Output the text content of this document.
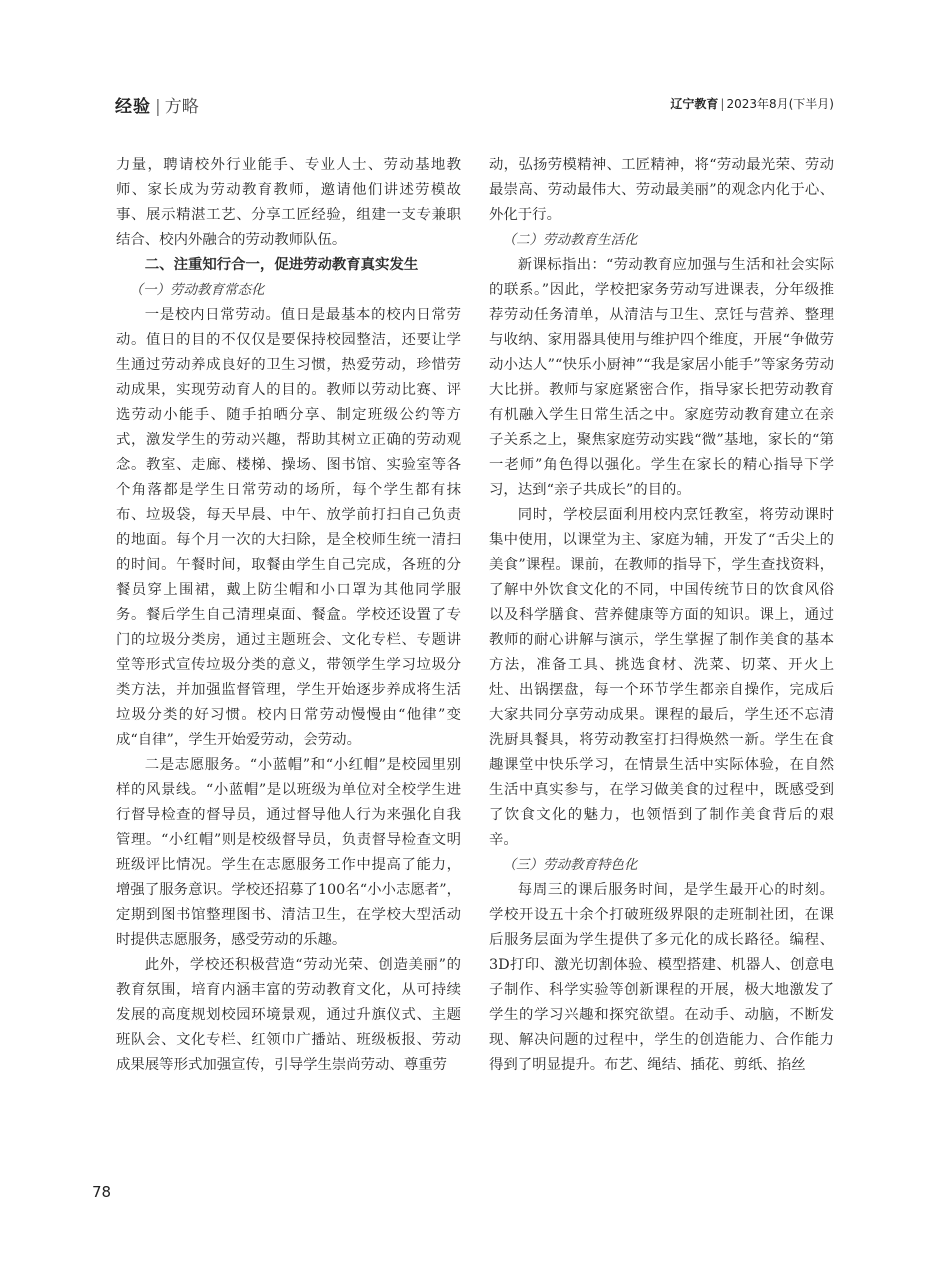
经验 | 方略	辽宁教育 | 2023年8月(下半月)

力量，聘请校外行业能手、专业人士、劳动基地教师、家长成为劳动教育教师，邀请他们讲述劳模故事、展示精湛工艺、分享工匠经验，组建一支专兼职结合、校内外融合的劳动教师队伍。

二、注重知行合一，促进劳动教育真实发生
（一）劳动教育常态化

一是校内日常劳动。值日是最基本的校内日常劳动。值日的目的不仅仅是要保持校园整洁，还要让学生通过劳动养成良好的卫生习惯，热爱劳动，珍惜劳动成果，实现劳动育人的目的。教师以劳动比赛、评选劳动小能手、随手拍晒分享、制定班级公约等方式，激发学生的劳动兴趣，帮助其树立正确的劳动观念。教室、走廊、楼梯、操场、图书馆、实验室等各个角落都是学生日常劳动的场所，每个学生都有抹布、垃圾袋，每天早晨、中午、放学前打扫自己负责的地面。每个月一次的大扫除，是全校师生统一清扫的时间。午餐时间，取餐由学生自己完成，各班的分餐员穿上围裙，戴上防尘帽和小口罩为其他同学服务。餐后学生自己清理桌面、餐盒。学校还设置了专门的垃圾分类房，通过主题班会、文化专栏、专题讲堂等形式宣传垃圾分类的意义，带领学生学习垃圾分类方法，并加强监督管理，学生开始逐步养成将生活垃圾分类的好习惯。校内日常劳动慢慢由“他律”变成“自律”，学生开始爱劳动，会劳动。

二是志愿服务。“小蓝帽”和“小红帽”是校园里别样的风景线。“小蓝帽”是以班级为单位对全校学生进行督导检查的督导员，通过督导他人行为来强化自我管理。“小红帽”则是校级督导员，负责督导检查文明班级评比情况。学生在志愿服务工作中提高了能力，增强了服务意识。学校还招募了100名“小小志愿者”，定期到图书馆整理图书、清洁卫生，在学校大型活动时提供志愿服务，感受劳动的乐趣。

此外，学校还积极营造“劳动光荣、创造美丽”的教育氛围，培育内涵丰富的劳动教育文化，从可持续发展的高度规划校园环境景观，通过升旗仪式、主题班队会、文化专栏、红领巾广播站、班级板报、劳动成果展等形式加强宣传，引导学生崇尚劳动、尊重劳

动，弘扬劳模精神、工匠精神，将“劳动最光荣、劳动最崇高、劳动最伟大、劳动最美丽”的观念内化于心、外化于行。

（二）劳动教育生活化

新课标指出：“劳动教育应加强与生活和社会实际的联系。”因此，学校把家务劳动写进课表，分年级推荐劳动任务清单，从清洁与卫生、烹饪与营养、整理与收纳、家用器具使用与维护四个维度，开展“争做劳动小达人”“快乐小厨神”“我是家居小能手”等家务劳动大比拼。教师与家庭紧密合作，指导家长把劳动教育有机融入学生日常生活之中。家庭劳动教育建立在亲子关系之上，聚焦家庭劳动实践“微”基地，家长的“第一老师”角色得以强化。学生在家长的精心指导下学习，达到“亲子共成长”的目的。

同时，学校层面利用校内烹饪教室，将劳动课时集中使用，以课堂为主、家庭为辅，开发了“舌尖上的美食”课程。课前，在教师的指导下，学生查找资料，了解中外饮食文化的不同，中国传统节日的饮食风俗以及科学膳食、营养健康等方面的知识。课上，通过教师的耐心讲解与演示，学生掌握了制作美食的基本方法，准备工具、挑选食材、洗菜、切菜、开火上灶、出锅摆盘，每一个环节学生都亲自操作，完成后大家共同分享劳动成果。课程的最后，学生还不忘清洗厨具餐具，将劳动教室打扫得焕然一新。学生在食趣课堂中快乐学习，在情景生活中实际体验，在自然生活中真实参与，在学习做美食的过程中，既感受到了饮食文化的魅力，也领悟到了制作美食背后的艰辛。

（三）劳动教育特色化

每周三的课后服务时间，是学生最开心的时刻。学校开设五十余个打破班级界限的走班制社团，在课后服务层面为学生提供了多元化的成长路径。编程、3D打印、激光切割体验、模型搭建、机器人、创意电子制作、科学实验等创新课程的开展，极大地激发了学生的学习兴趣和探究欲望。在动手、动脑，不断发现、解决问题的过程中，学生的创造能力、合作能力得到了明显提升。布艺、绳结、插花、剪纸、掐丝

78
